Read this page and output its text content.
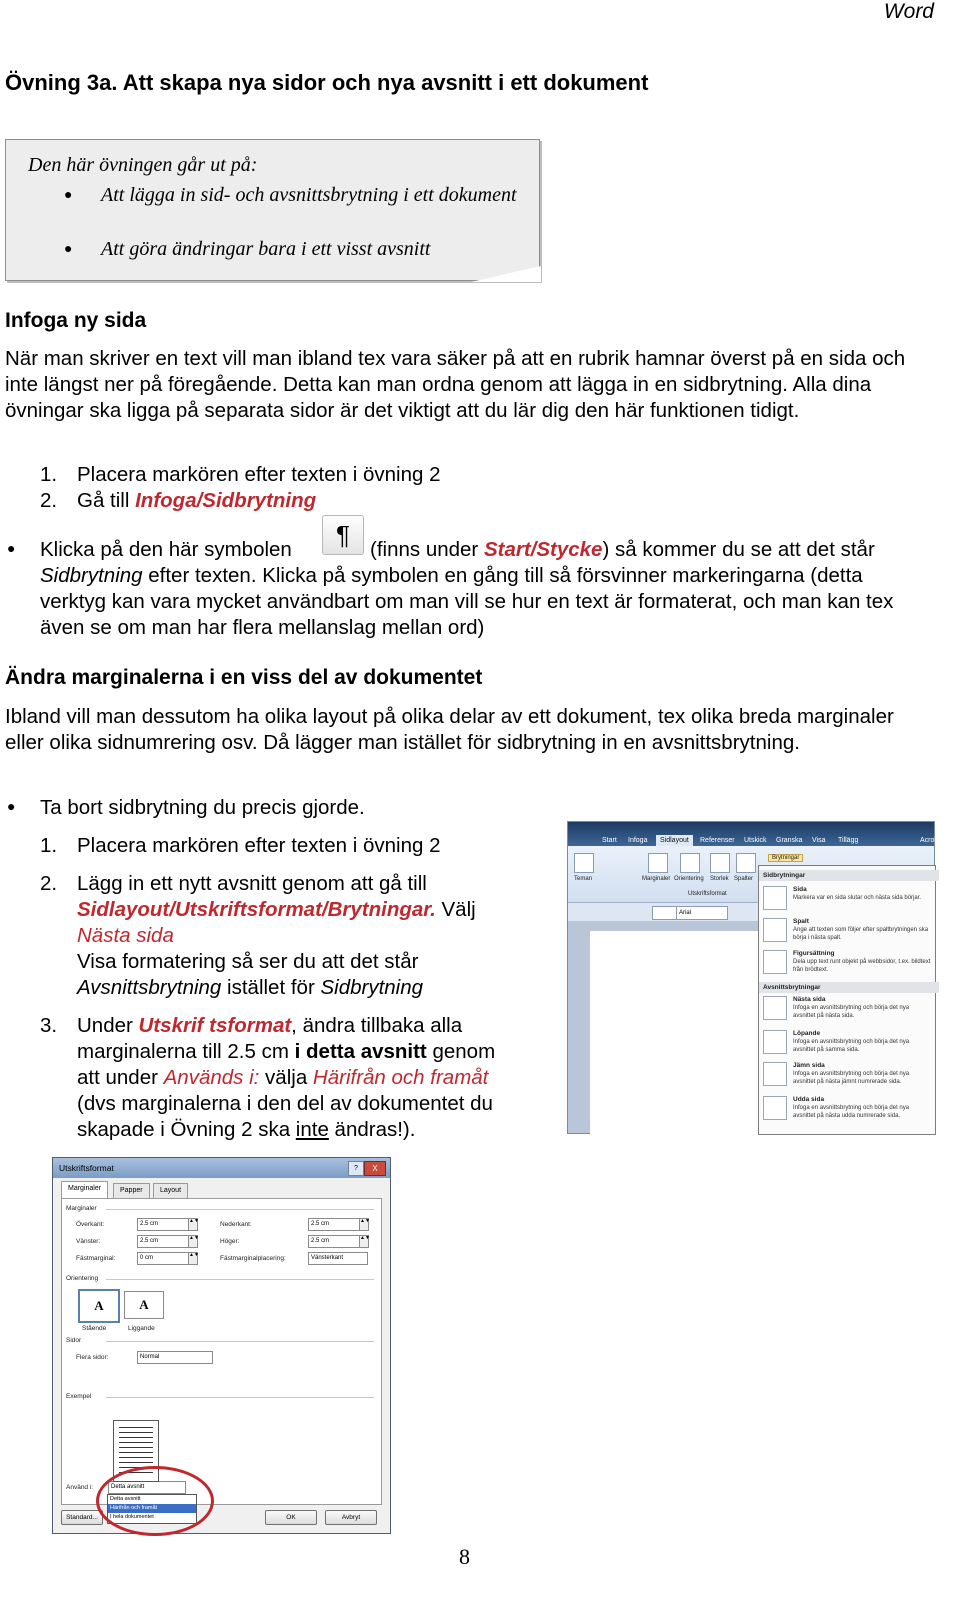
Word
Övning 3a. Att skapa nya sidor och nya avsnitt i ett dokument
Den här övningen går ut på:
● Att lägga in sid- och avsnittsbrytning i ett dokument
● Att göra ändringar bara i ett visst avsnitt
Infoga ny sida
När man skriver en text vill man ibland tex vara säker på att en rubrik hamnar överst på en sida och inte längst ner på föregående. Detta kan man ordna genom att lägga in en sidbrytning. Alla dina övningar ska ligga på separata sidor är det viktigt att du lär dig den här funktionen tidigt.
1. Placera markören efter texten i övning 2
2. Gå till Infoga/Sidbrytning
● Klicka på den här symbolen	¶ (finns under Start/Stycke) så kommer du se att det står
Sidbrytning efter texten. Klicka på symbolen en gång till så försvinner markeringarna (detta verktyg kan vara mycket användbart om man vill se hur en text är formaterat, och man kan tex även se om man har flera mellanslag mellan ord)
Ändra marginalerna i en viss del av dokumentet
Ibland vill man dessutom ha olika layout på olika delar av ett dokument, tex olika breda marginaler eller olika sidnumrering osv. Då lägger man istället för sidbrytning in en avsnittsbrytning.
● Ta bort sidbrytning du precis gjorde.
1. Placera markören efter texten i övning 2
2. Lägg in ett nytt avsnitt genom att gå till
Sidlayout/Utskriftsformat/Brytningar. Välj
Nästa sida
Visa formatering så ser du att det står
Avsnittsbrytning istället för Sidbrytning
3. Under Utskrif tsformat, ändra tillbaka alla
marginalerna till 2.5 cm i detta avsnitt genom
att under Används i: välja Härifrån och framåt
(dvs marginalerna i den del av dokumentet du
skapade i Övning 2 ska inte ändras!).
Start Infoga	Sidlayout	Referenser Utskick Granska Visa Tillägg	Acrob
Teman	Marginaler Orientering Storlek Spalter
Brytningar
Utskriftsformat
Arial
Sidbrytningar
Sida
Markera var en sida slutar och nästa sida börjar.
Spalt
Ange att texten som följer efter spaltbrytningen ska börja i nästa spalt.
Figursättning
Dela upp text runt objekt på webbsidor, t.ex. bildtext från brödtext.
Avsnittsbrytningar
Nästa sida
Infoga en avsnittsbrytning och börja det nya avsnittet på nästa sida.
Löpande
Infoga en avsnittsbrytning och börja det nya avsnittet på samma sida.
Jämn sida
Infoga en avsnittsbrytning och börja det nya avsnittet på nästa jämnt numrerade sida.
Udda sida
Infoga en avsnittsbrytning och börja det nya avsnittet på nästa udda numrerade sida.
Utskriftsformat	?	X
Marginaler	Papper	Layout
Marginaler
Överkant:	2.5 cm	▲▼	Nederkant:	2.5 cm	▲▼
Vänster:	2.5 cm	▲▼	Höger:	2.5 cm	▲▼
Fästmarginal:	0 cm	▲▼	Fästmarginalplacering:	Vänsterkant
Orientering
A	A
Stående	Liggande
Sidor
Flera sidor:	Normal
Exempel
Använd i:	Detta avsnitt
Detta avsnitt
Härifrån och framåt
I hela dokumentet
Standard...	OK	Avbryt
8
